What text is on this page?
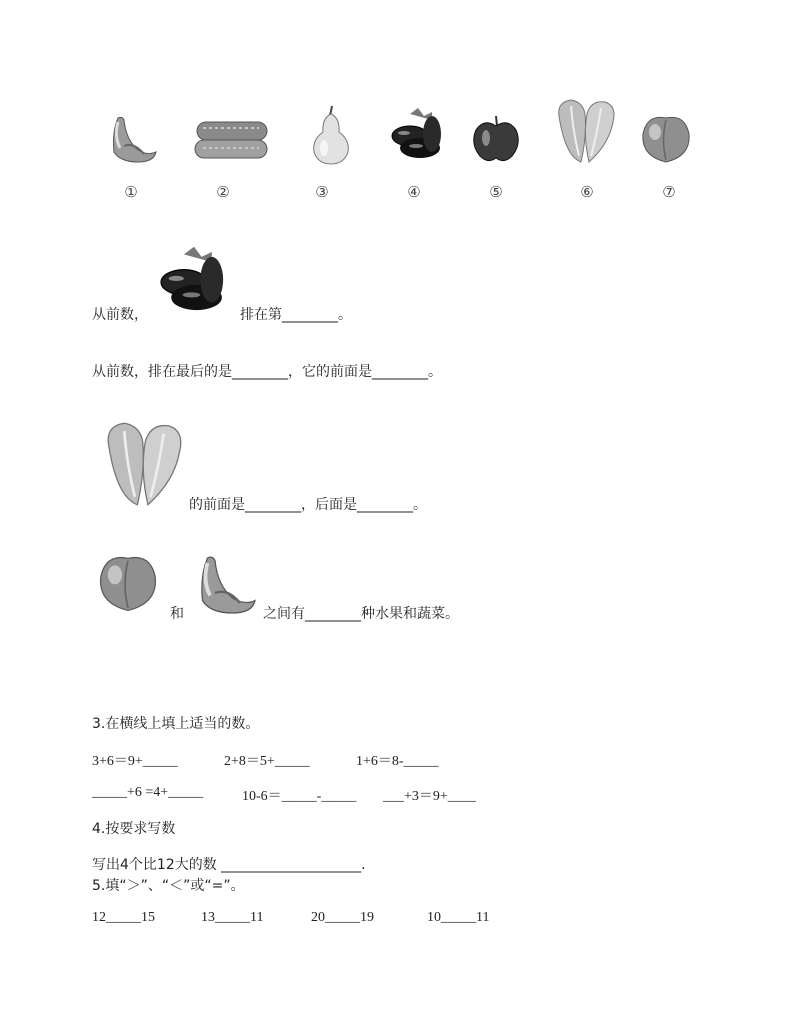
①	②	③	④	⑤	⑥	⑦
从前数，	排在第________。
从前数，排在最后的是________，它的前面是________。
的前面是________，后面是________。
和	之间有________种水果和蔬菜。
3.在横线上填上适当的数。
3+6＝9+_____	2+8＝5+_____	1+6＝8-_____
_____+6 =4+_____	10-6＝_____-_____ ___+3＝9+____
4.按要求写数
写出4个比12大的数 ____________________.
5.填“＞”、“＜”或“=”。
12_____15	13_____11	20_____19	10_____11
